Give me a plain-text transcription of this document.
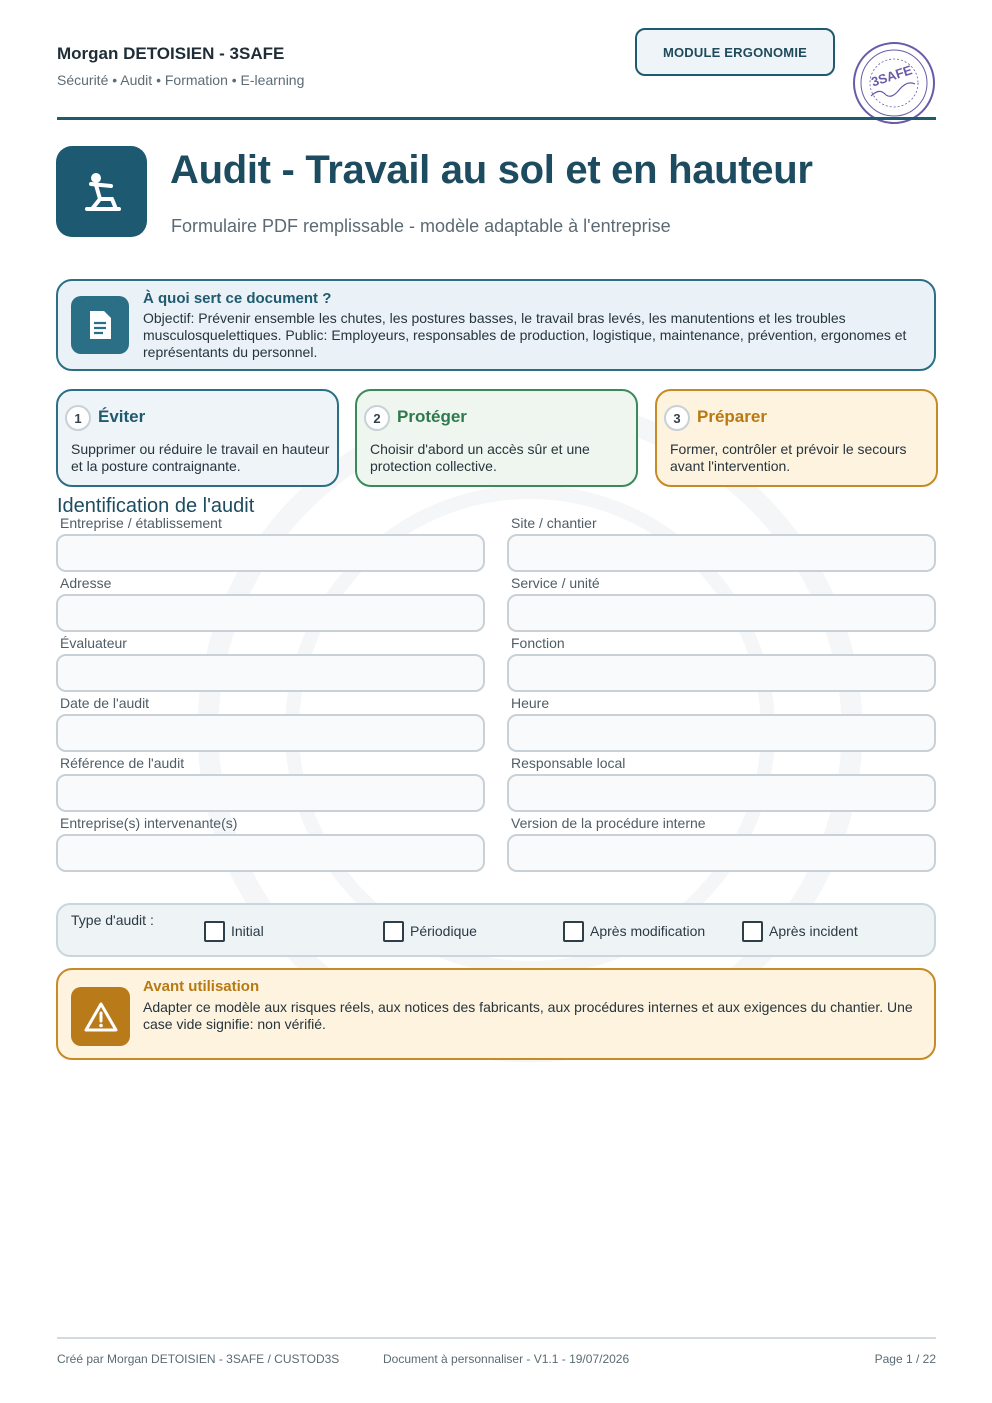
Morgan DETOISIEN - 3SAFE
Sécurité • Audit • Formation • E-learning
MODULE ERGONOMIE
3SAFE
Audit - Travail au sol et en hauteur
Formulaire PDF remplissable - modèle adaptable à l'entreprise
À quoi sert ce document ?
Objectif: Prévenir ensemble les chutes, les postures basses, le travail bras levés, les manutentions et les troubles musculosquelettiques. Public: Employeurs, responsables de production, logistique, maintenance, prévention, ergonomes et représentants du personnel.
1 Éviter
Supprimer ou réduire le travail en hauteur et la posture contraignante.
2 Protéger
Choisir d'abord un accès sûr et une protection collective.
3 Préparer
Former, contrôler et prévoir le secours avant l'intervention.
Identification de l'audit
Entreprise / établissement	Site / chantier
Adresse	Service / unité
Évaluateur	Fonction
Date de l'audit	Heure
Référence de l'audit	Responsable local
Entreprise(s) intervenante(s)	Version de la procédure interne
Type d'audit :
Initial	Périodique	Après modification	Après incident
Avant utilisation
Adapter ce modèle aux risques réels, aux notices des fabricants, aux procédures internes et aux exigences du chantier. Une case vide signifie: non vérifié.
Créé par Morgan DETOISIEN - 3SAFE / CUSTOD3S	Document à personnaliser - V1.1 - 19/07/2026	Page 1 / 22
